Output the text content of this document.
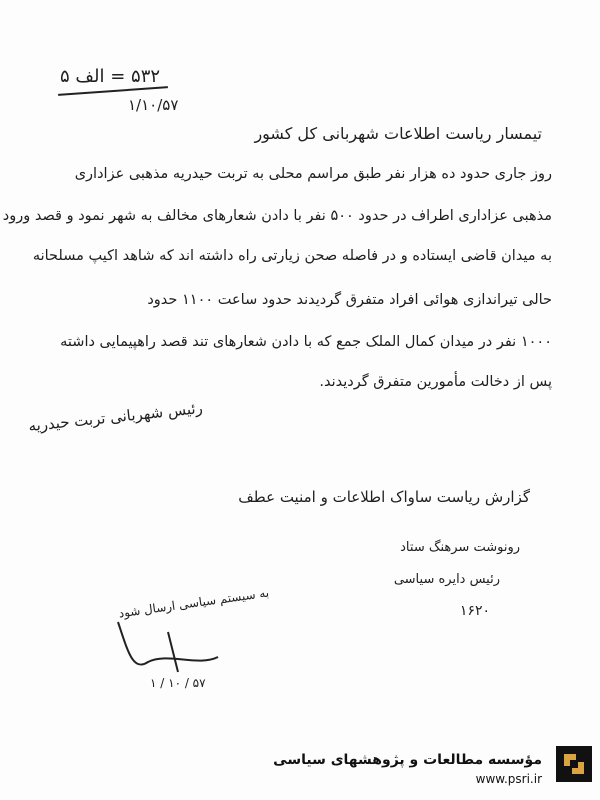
۵۳۲ = الف ۵
۱/۱۰/۵۷
تیمسار ریاست اطلاعات شهربانی کل کشور
روز جاری حدود ده هزار نفر طبق مراسم محلی به تربت حیدریه مذهبی عزاداری
مذهبی عزاداری اطراف در حدود ۵۰۰ نفر با دادن شعارهای مخالف به شهر نمود و قصد ورود
به میدان قاضی ایستاده و در فاصله صحن زیارتی راه داشته اند که شاهد اکیپ مسلحانه
حالی تیراندازی هوائی افراد متفرق گردیدند حدود ساعت ۱۱۰۰ حدود
۱۰۰۰ نفر در میدان کمال الملک جمع که با دادن شعارهای تند قصد راهپیمایی داشته
پس از دخالت مأمورین متفرق گردیدند.
رئیس شهربانی تربت حیدریه
گزارش ریاست ساواک اطلاعات و امنیت عطف
رونوشت سرهنگ ستاد
رئیس دایره سیاسی
۱۶۲۰
به سیستم سیاسی ارسال شود
۱ / ۱۰ / ۵۷
مؤسسه مطالعات و پژوهشهای سیاسی
www.psri.ir
